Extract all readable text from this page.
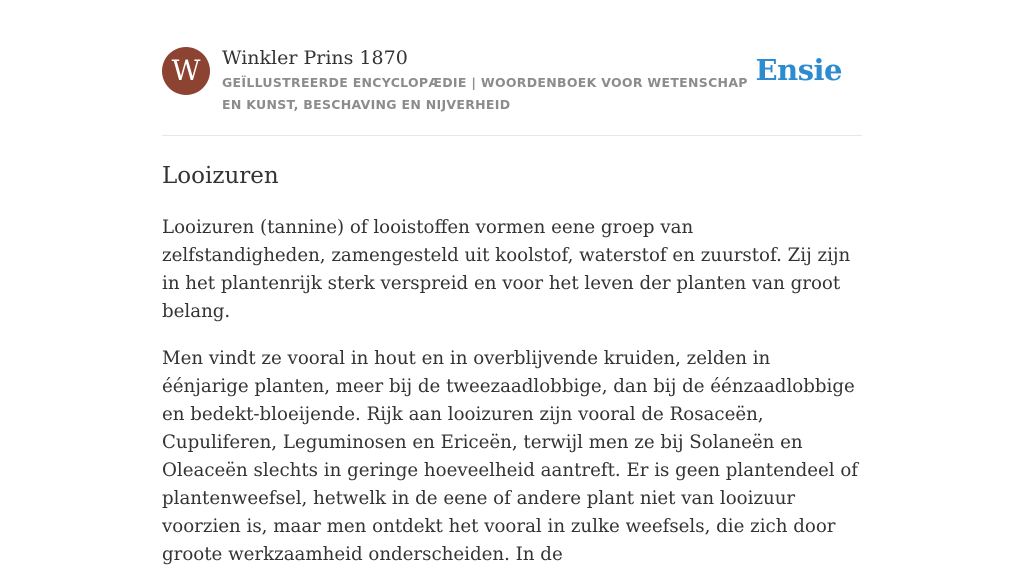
W	Winkler Prins 1870
GEÏLLUSTREERDE ENCYCLOPÆDIE | WOORDENBOEK VOOR WETENSCHAP EN KUNST, BESCHAVING EN NIJVERHEID
Ensie
Looizuren

Looizuren (tannine) of looistoffen vormen eene groep van zelfstandigheden, zamengesteld uit koolstof, waterstof en zuurstof. Zij zijn in het plantenrijk sterk verspreid en voor het leven der planten van groot belang.

Men vindt ze vooral in hout en in overblijvende kruiden, zelden in éénjarige planten, meer bij de tweezaadlobbige, dan bij de éénzaadlobbige en bedekt-bloeijende. Rijk aan looizuren zijn vooral de Rosaceën, Cupuliferen, Leguminosen en Ericeën, terwijl men ze bij Solaneën en Oleaceën slechts in geringe hoeveelheid aantreft. Er is geen plantendeel of plantenweefsel, hetwelk in de eene of andere plant niet van looizuur voorzien is, maar men ontdekt het vooral in zulke weefsels, die zich door groote werkzaamheid onderscheiden. In de
